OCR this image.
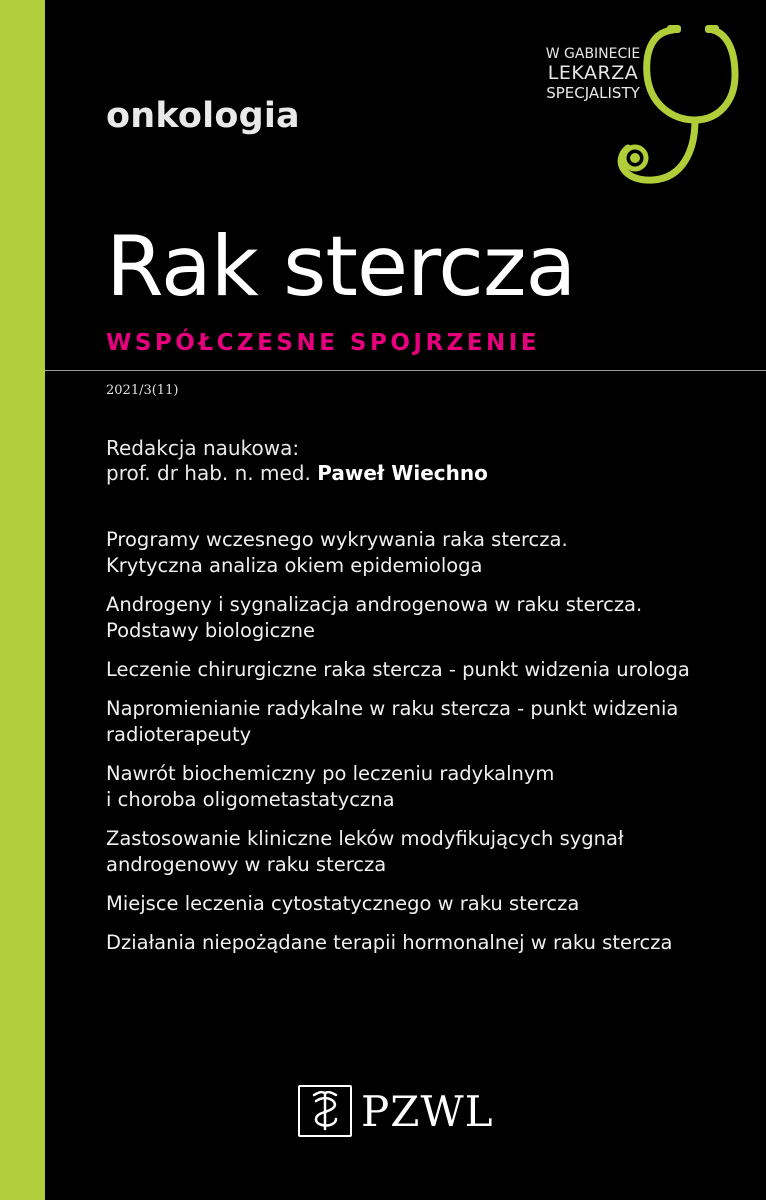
onkologia
W GABINECIE
LEKARZA
SPECJALISTY
Rak stercza
WSPÓŁCZESNE SPOJRZENIE
2021/3(11)
Redakcja naukowa:
prof. dr hab. n. med. Paweł Wiechno
Programy wczesnego wykrywania raka stercza.
Krytyczna analiza okiem epidemiologa
Androgeny i sygnalizacja androgenowa w raku stercza.
Podstawy biologiczne
Leczenie chirurgiczne raka stercza - punkt widzenia urologa
Napromienianie radykalne w raku stercza - punkt widzenia
radioterapeuty
Nawrót biochemiczny po leczeniu radykalnym
i choroba oligometastatyczna
Zastosowanie kliniczne leków modyfikujących sygnał
androgenowy w raku stercza
Miejsce leczenia cytostatycznego w raku stercza
Działania niepożądane terapii hormonalnej w raku stercza
PZWL
